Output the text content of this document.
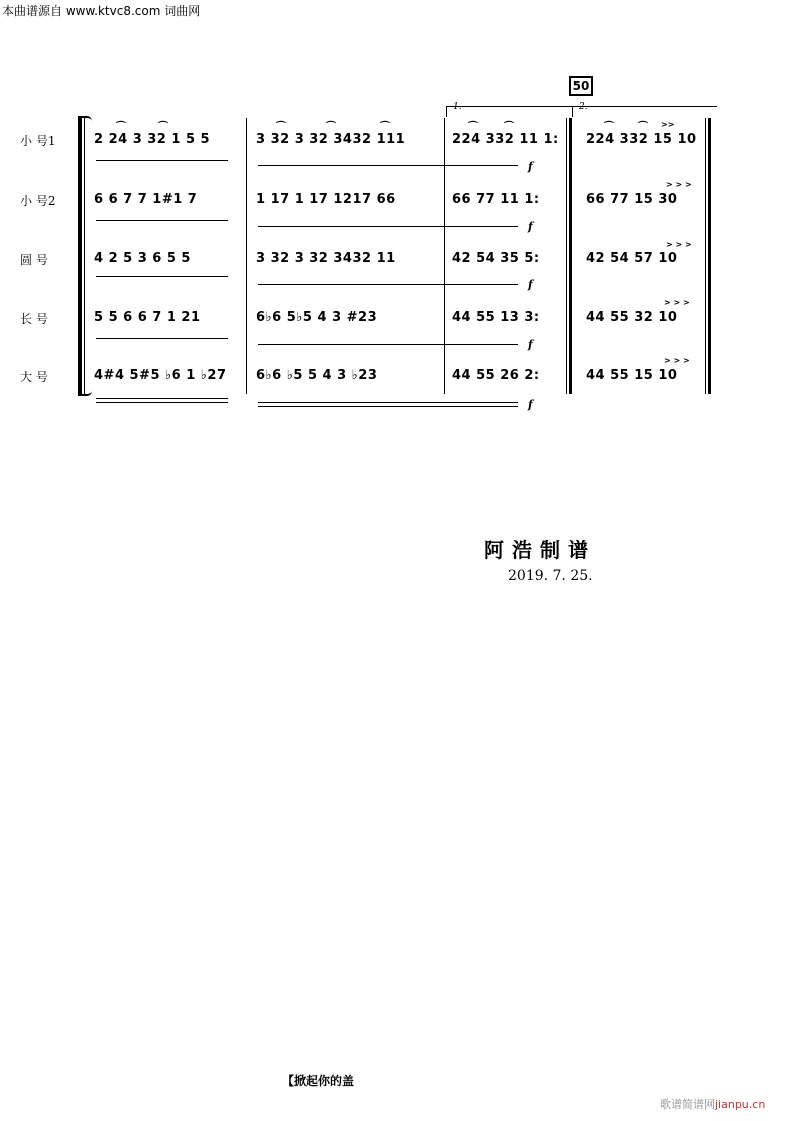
本曲谱源自 www.ktvc8.com 词曲网
50
1.	2.
小 号1
小 号2
圆 号
长 号
大 号
⌒	⌒	⌒	⌒	⌒	⌒	⌒	⌒ ⌒ >>
2 24 3 32 1 5 5	3 32 3 32 3432 111	224 332 11 1: 224 332 15 10
f
> > >
6 6 7 7 1#1 7	1 17 1 17 1217 66	66 77 11 1:	66 77 15 30
f
> > >
4 2 5 3 6 5 5	3 32 3 32 3432 11	42 54 35 5:	42 54 57 10
f
> > >
5 5 6 6 7 1 21	6♭6 5♭5 4 3 #23	44 55 13 3:	44 55 32 10
f
> > >
4#4 5#5 ♭6 1 ♭27 6♭6 ♭5 5 4 3 ♭23	44 55 26 2:	44 55 15 10
f
阿浩制谱
2019. 7. 25.
【掀起你的盖
歌谱简谱网jianpu.cn
